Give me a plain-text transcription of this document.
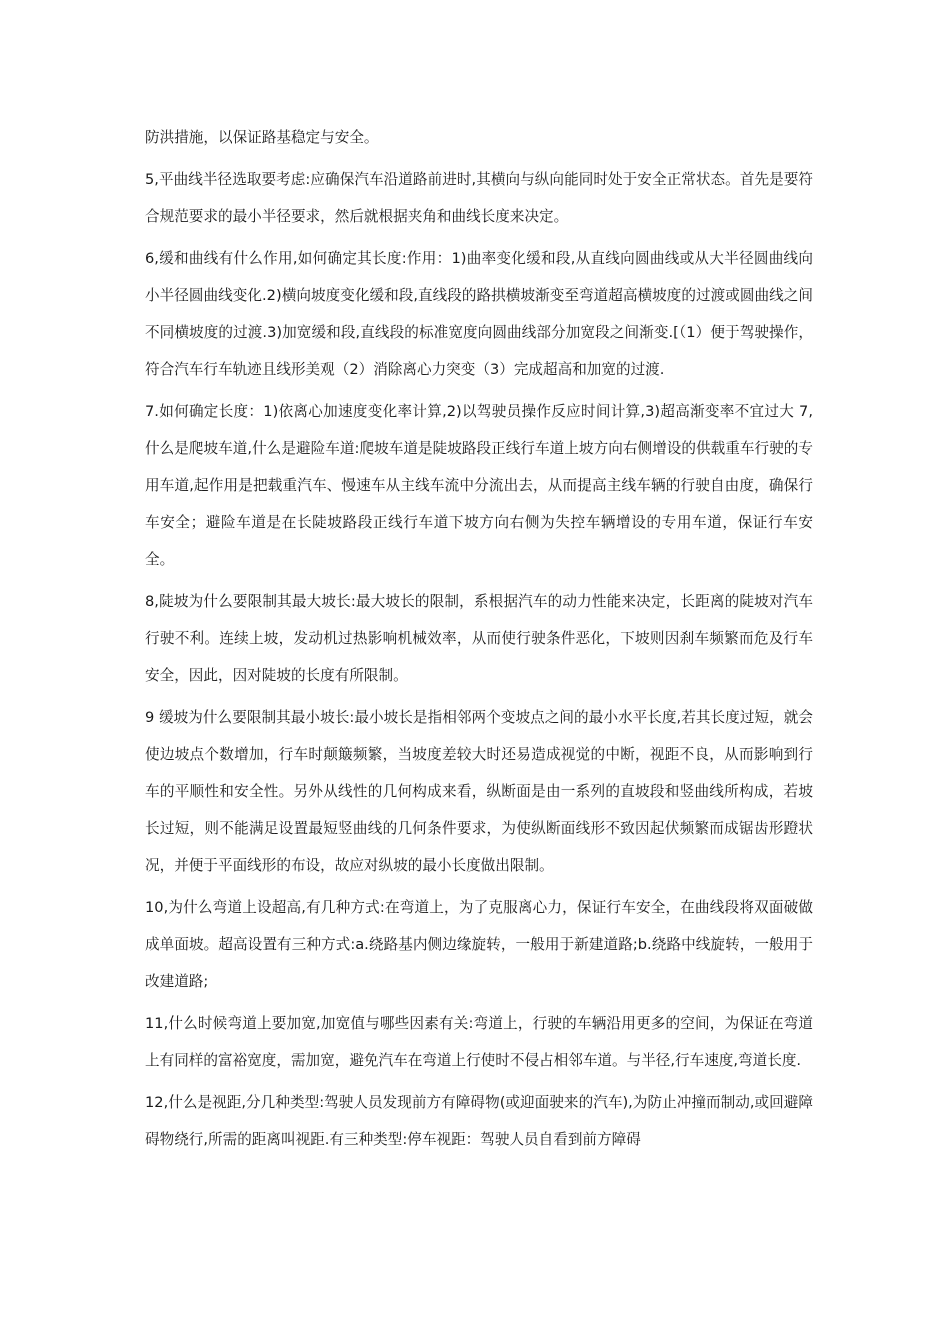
防洪措施，以保证路基稳定与安全。

5,平曲线半径选取要考虑:应确保汽车沿道路前进时,其横向与纵向能同时处于安全正常状态。首先是要符合规范要求的最小半径要求，然后就根据夹角和曲线长度来决定。

6,缓和曲线有什么作用,如何确定其长度:作用：1)曲率变化缓和段,从直线向圆曲线或从大半径圆曲线向小半径圆曲线变化.2)横向坡度变化缓和段,直线段的路拱横坡渐变至弯道超高横坡度的过渡或圆曲线之间不同横坡度的过渡.3)加宽缓和段,直线段的标准宽度向圆曲线部分加宽段之间渐变.[（1）便于驾驶操作，符合汽车行车轨迹且线形美观（2）消除离心力突变（3）完成超高和加宽的过渡.

7.如何确定长度：1)依离心加速度变化率计算,2)以驾驶员操作反应时间计算,3)超高渐变率不宜过大 7,什么是爬坡车道,什么是避险车道:爬坡车道是陡坡路段正线行车道上坡方向右侧增设的供载重车行驶的专用车道,起作用是把载重汽车、慢速车从主线车流中分流出去，从而提高主线车辆的行驶自由度，确保行车安全；避险车道是在长陡坡路段正线行车道下坡方向右侧为失控车辆增设的专用车道，保证行车安全。

8,陡坡为什么要限制其最大坡长:最大坡长的限制，系根据汽车的动力性能来决定，长距离的陡坡对汽车行驶不利。连续上坡，发动机过热影响机械效率，从而使行驶条件恶化，下坡则因刹车频繁而危及行车安全，因此，因对陡坡的长度有所限制。

9 缓坡为什么要限制其最小坡长:最小坡长是指相邻两个变坡点之间的最小水平长度,若其长度过短，就会使边坡点个数增加，行车时颠簸频繁，当坡度差较大时还易造成视觉的中断，视距不良，从而影响到行车的平顺性和安全性。另外从线性的几何构成来看，纵断面是由一系列的直坡段和竖曲线所构成，若坡长过短，则不能满足设置最短竖曲线的几何条件要求，为使纵断面线形不致因起伏频繁而成锯齿形蹬状况，并便于平面线形的布设，故应对纵坡的最小长度做出限制。

10,为什么弯道上设超高,有几种方式:在弯道上，为了克服离心力，保证行车安全，在曲线段将双面破做成单面坡。超高设置有三种方式:a.绕路基内侧边缘旋转，一般用于新建道路;b.绕路中线旋转，一般用于改建道路;

11,什么时候弯道上要加宽,加宽值与哪些因素有关:弯道上，行驶的车辆沿用更多的空间，为保证在弯道上有同样的富裕宽度，需加宽，避免汽车在弯道上行使时不侵占相邻车道。与半径,行车速度,弯道长度.

12,什么是视距,分几种类型:驾驶人员发现前方有障碍物(或迎面驶来的汽车),为防止冲撞而制动,或回避障碍物绕行,所需的距离叫视距.有三种类型:停车视距：驾驶人员自看到前方障碍
